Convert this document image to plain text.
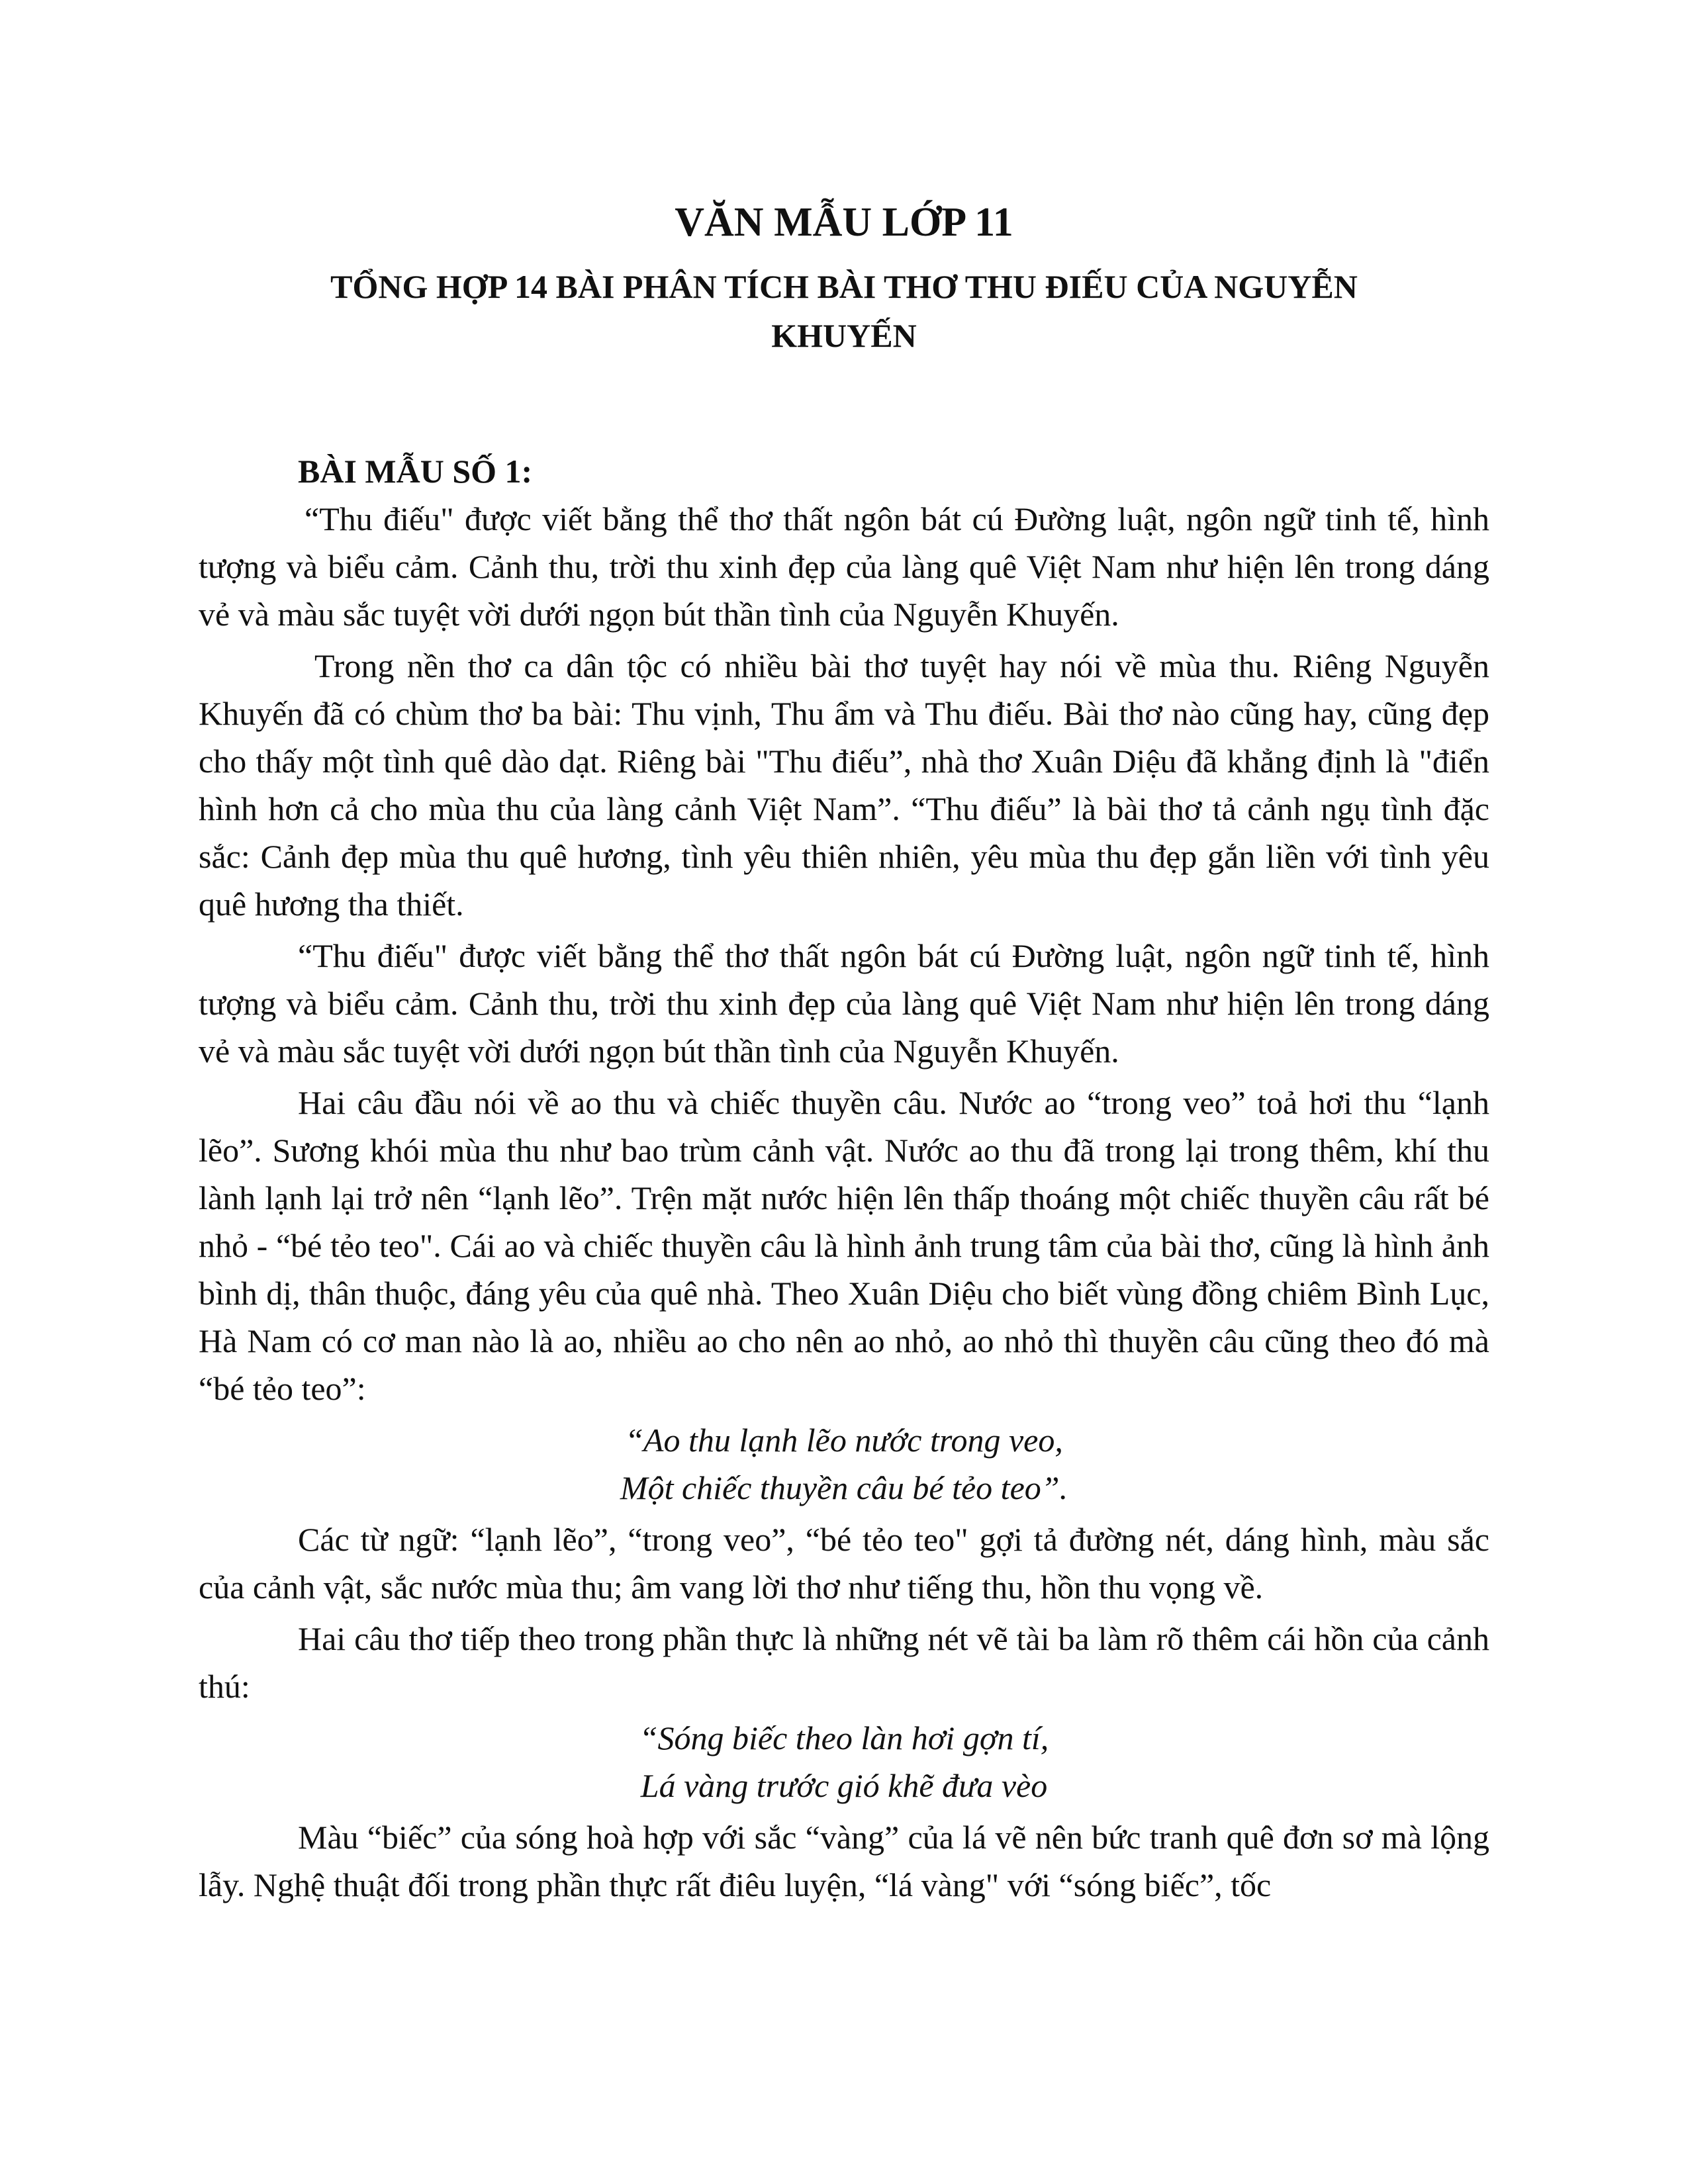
VĂN MẪU LỚP 11
TỔNG HỢP 14 BÀI PHÂN TÍCH BÀI THƠ THU ĐIẾU CỦA NGUYỄN KHUYẾN
BÀI MẪU SỐ 1:

“Thu điếu" được viết bằng thể thơ thất ngôn bát cú Đường luật, ngôn ngữ tinh tế, hình tượng và biểu cảm. Cảnh thu, trời thu xinh đẹp của làng quê Việt Nam như hiện lên trong dáng vẻ và màu sắc tuyệt vời dưới ngọn bút thần tình của Nguyễn Khuyến.

Trong nền thơ ca dân tộc có nhiều bài thơ tuyệt hay nói về mùa thu. Riêng Nguyễn Khuyến đã có chùm thơ ba bài: Thu vịnh, Thu ẩm và Thu điếu. Bài thơ nào cũng hay, cũng đẹp cho thấy một tình quê dào dạt. Riêng bài "Thu điếu”, nhà thơ Xuân Diệu đã khẳng định là "điển hình hơn cả cho mùa thu của làng cảnh Việt Nam”. “Thu điếu” là bài thơ tả cảnh ngụ tình đặc sắc: Cảnh đẹp mùa thu quê hương, tình yêu thiên nhiên, yêu mùa thu đẹp gắn liền với tình yêu quê hương tha thiết.

“Thu điếu" được viết bằng thể thơ thất ngôn bát cú Đường luật, ngôn ngữ tinh tế, hình tượng và biểu cảm. Cảnh thu, trời thu xinh đẹp của làng quê Việt Nam như hiện lên trong dáng vẻ và màu sắc tuyệt vời dưới ngọn bút thần tình của Nguyễn Khuyến.

Hai câu đầu nói về ao thu và chiếc thuyền câu. Nước ao “trong veo” toả hơi thu “lạnh lẽo”. Sương khói mùa thu như bao trùm cảnh vật. Nước ao thu đã trong lại trong thêm, khí thu lành lạnh lại trở nên “lạnh lẽo”. Trện mặt nước hiện lên thấp thoáng một chiếc thuyền câu rất bé nhỏ - “bé tẻo teo". Cái ao và chiếc thuyền câu là hình ảnh trung tâm của bài thơ, cũng là hình ảnh bình dị, thân thuộc, đáng yêu của quê nhà. Theo Xuân Diệu cho biết vùng đồng chiêm Bình Lục, Hà Nam có cơ man nào là ao, nhiều ao cho nên ao nhỏ, ao nhỏ thì thuyền câu cũng theo đó mà “bé tẻo teo”:

“Ao thu lạnh lẽo nước trong veo,

Một chiếc thuyền câu bé tẻo teo”.

Các từ ngữ: “lạnh lẽo”, “trong veo”, “bé tẻo teo" gợi tả đường nét, dáng hình, màu sắc của cảnh vật, sắc nước mùa thu; âm vang lời thơ như tiếng thu, hồn thu vọng về.

Hai câu thơ tiếp theo trong phần thực là những nét vẽ tài ba làm rõ thêm cái hồn của cảnh thú:

“Sóng biếc theo làn hơi gợn tí,

Lá vàng trước gió khẽ đưa vèo

Màu “biếc” của sóng hoà hợp với sắc “vàng” của lá vẽ nên bức tranh quê đơn sơ mà lộng lẫy. Nghệ thuật đối trong phần thực rất điêu luyện, “lá vàng" với “sóng biếc”, tốc
